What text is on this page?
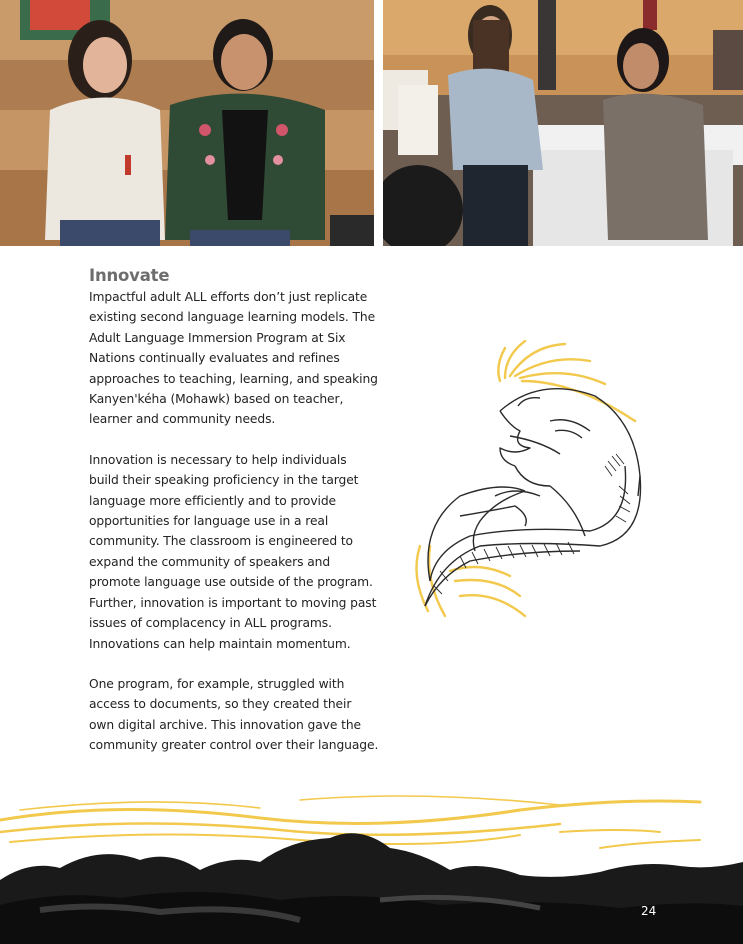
Innovate

Impactful adult ALL efforts don’t just replicate existing second language learning models. The Adult Language Immersion Program at Six Nations continually evaluates and refines approaches to teaching, learning, and speaking Kanyen'kéha (Mohawk) based on teacher, learner and community needs.

Innovation is necessary to help individuals build their speaking proficiency in the target language more efficiently and to provide opportunities for language use in a real community. The classroom is engineered to expand the community of speakers and promote language use outside of the program. Further, innovation is important to moving past issues of complacency in ALL programs. Innovations can help maintain momentum.

One program, for example, struggled with access to documents, so they created their own digital archive. This innovation gave the community greater control over their language.

24
